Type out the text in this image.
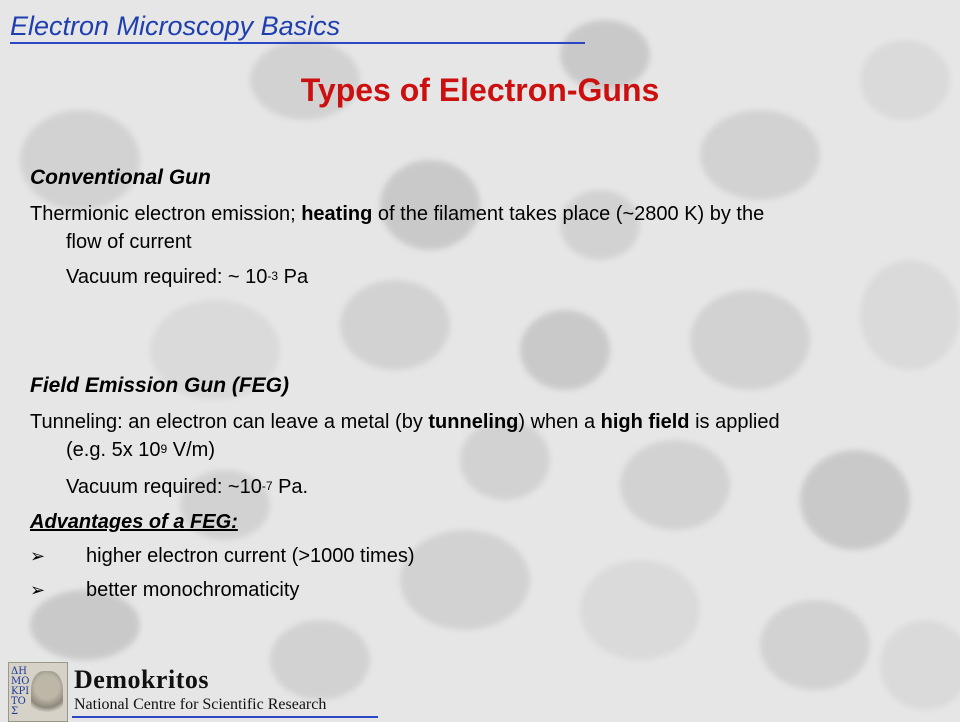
Electron Microscopy Basics
Types of Electron-Guns
Conventional Gun
Thermionic electron emission; heating of the filament takes place (~2800 K) by the
flow of current
Vacuum required: ~ $10^{-3}$ Pa
Field Emission Gun (FEG)
Tunneling: an electron can leave a metal (by tunneling) when a high field is applied
(e.g. 5x $10^9$ V/m)
Vacuum required: $\sim 10^{-7}$ Pa.
Advantages of a FEG:
➢ higher electron current (>1000 times)
➢ better monochromaticity
ΔΗΜΟΚΡΙΤΟΣ
Demokritos
National Centre for Scientific Research
